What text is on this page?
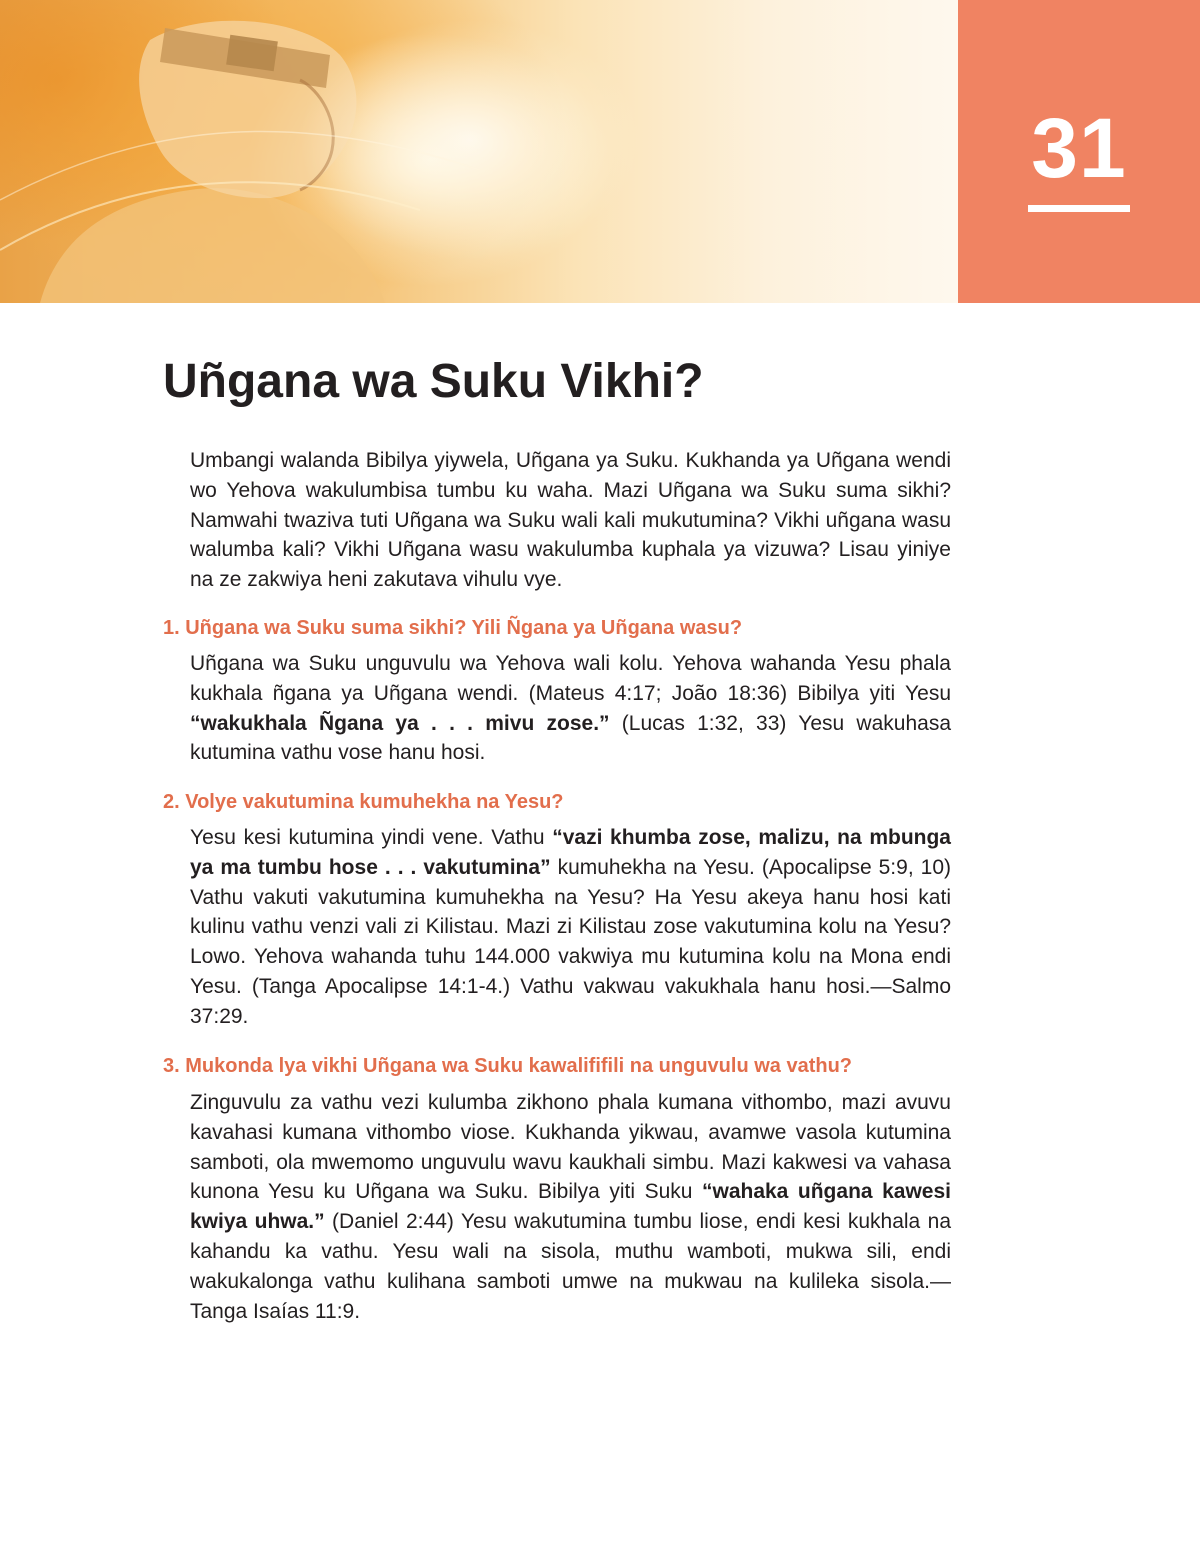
31
Uñgana wa Suku Vikhi?

Umbangi walanda Bibilya yiywela, Uñgana ya Suku. Kukhanda ya Uñgana wendi wo Yehova wakulumbisa tumbu ku waha. Mazi Uñgana wa Suku suma sikhi? Namwahi twaziva tuti Uñgana wa Suku wali kali mukutumina? Vikhi uñgana wasu walumba kali? Vikhi Uñgana wasu wakulumba kuphala ya vizuwa? Lisau yiniye na ze zakwiya heni zakutava vihulu vye.

1. Uñgana wa Suku suma sikhi? Yili Ñgana ya Uñgana wasu?

Uñgana wa Suku unguvulu wa Yehova wali kolu. Yehova wahanda Yesu phala kukhala ñgana ya Uñgana wendi. (Mateus 4:17; João 18:36) Bibilya yiti Yesu “wakukhala Ñgana ya . . . mivu zose.” (Lucas 1:32, 33) Yesu wakuhasa kutumina vathu vose hanu hosi.

2. Volye vakutumina kumuhekha na Yesu?

Yesu kesi kutumina yindi vene. Vathu “vazi khumba zose, malizu, na mbunga ya ma tumbu hose . . . vakutumina” kumuhekha na Yesu. (Apocalipse 5:9, 10) Vathu vakuti vakutumina kumuhekha na Yesu? Ha Yesu akeya hanu hosi kati kulinu vathu venzi vali zi Kilistau. Mazi zi Kilistau zose vakutumina kolu na Yesu? Lowo. Yehova wahanda tuhu 144.000 vakwiya mu kutumina kolu na Mona endi Yesu. (Tanga Apocalipse 14:1-4.) Vathu vakwau vakukhala hanu hosi.—Salmo 37:29.

3. Mukonda lya vikhi Uñgana wa Suku kawalififili na unguvulu wa vathu?

Zinguvulu za vathu vezi kulumba zikhono phala kumana vithombo, mazi avuvu kavahasi kumana vithombo viose. Kukhanda yikwau, avamwe vasola kutumina samboti, ola mwemomo unguvulu wavu kaukhali simbu. Mazi kakwesi va vahasa kunona Yesu ku Uñgana wa Suku. Bibilya yiti Suku “wahaka uñgana kawesi kwiya uhwa.” (Daniel 2:44) Yesu wakutumina tumbu liose, endi kesi kukhala na kahandu ka vathu. Yesu wali na sisola, muthu wamboti, mukwa sili, endi wakukalonga vathu kulihana samboti umwe na mukwau na kulileka sisola.—Tanga Isaías 11:9.
